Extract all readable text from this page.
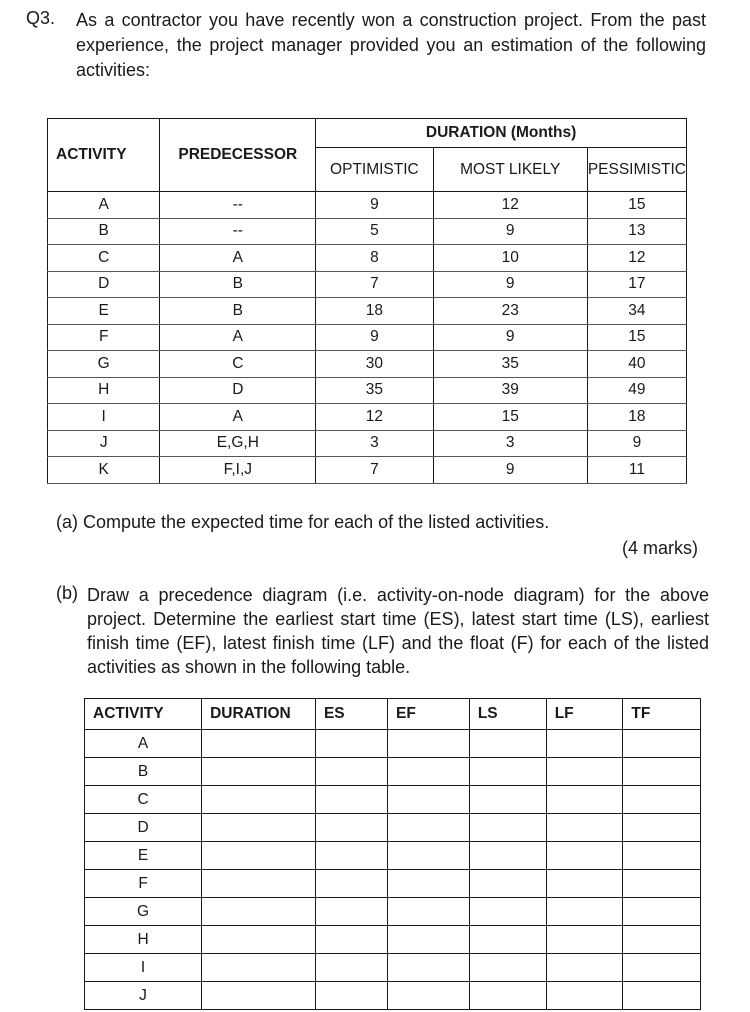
Q3. As a contractor you have recently won a construction project. From the past experience, the project manager provided you an estimation of the following activities:
ACTIVITY	PREDECESSOR	DURATION (Months)		
		OPTIMISTIC	MOST LIKELY	PESSIMISTIC
A	--	9	12	15
B	--	5	9	13
C	A	8	10	12
D	B	7	9	17
E	B	18	23	34
F	A	9	9	15
G	C	30	35	40
H	D	35	39	49
I	A	12	15	18
J	E,G,H	3	3	9
K	F,I,J	7	9	11
(a) Compute the expected time for each of the listed activities.
(4 marks)
(b) Draw a precedence diagram (i.e. activity-on-node diagram) for the above project. Determine the earliest start time (ES), latest start time (LS), earliest finish time (EF), latest finish time (LF) and the float (F) for each of the listed activities as shown in the following table.
ACTIVITY	DURATION	ES	EF	LS	LF	TF
A						
B						
C						
D						
E						
F						
G						
H						
I						
J						
